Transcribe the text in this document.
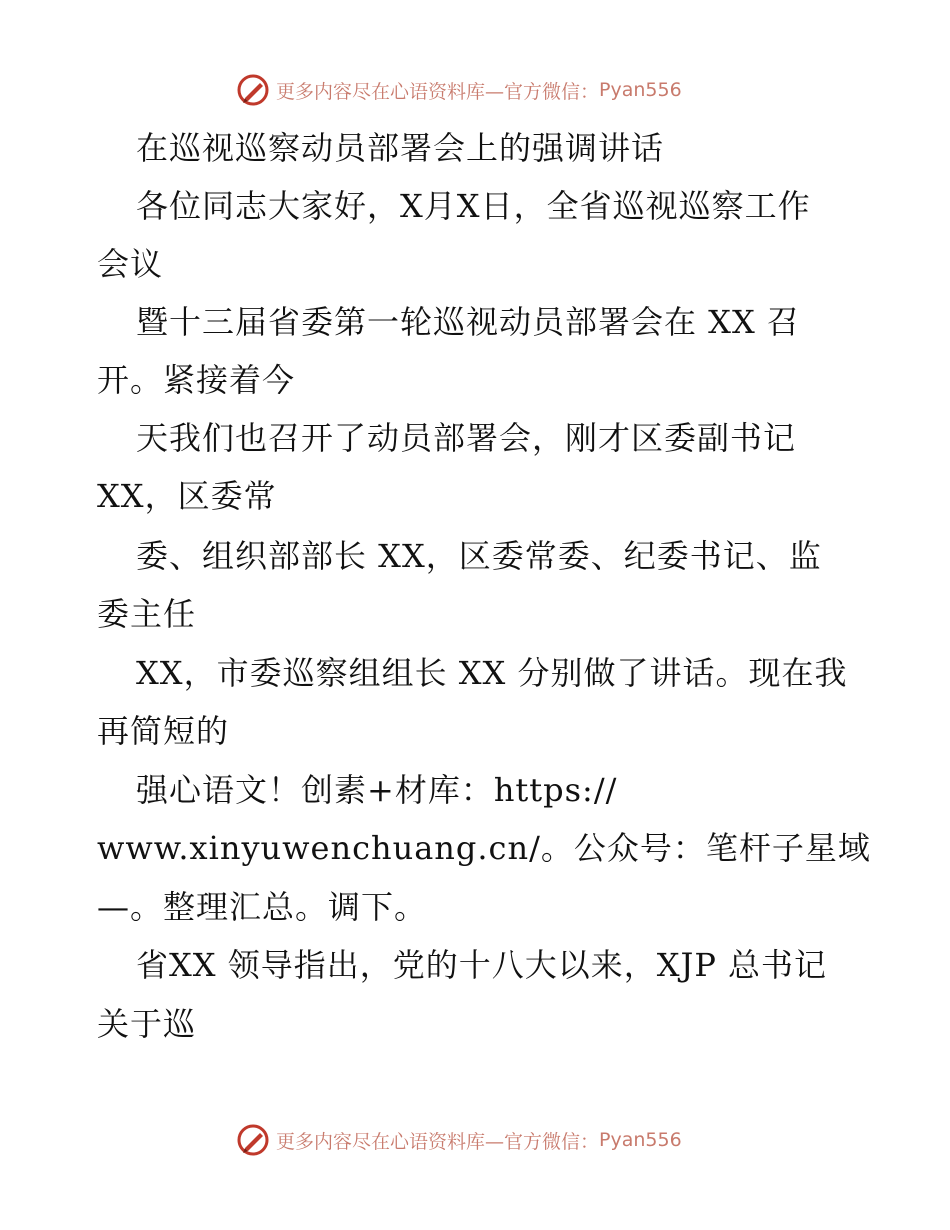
更多内容尽在心语资料库—官方微信： Pyan556
在巡视巡察动员部署会上的强调讲话
各位同志大家好，X月X日，全省巡视巡察工作
会议
暨十三届省委第一轮巡视动员部署会在 XX 召
开。紧接着今
天我们也召开了动员部署会，刚才区委副书记
XX，区委常
委、组织部部长 XX，区委常委、纪委书记、监
委主任
XX，市委巡察组组长 XX 分别做了讲话。现在我
再简短的
强心语文！创素+材库：https://
www.xinyuwenchuang.cn/。公众号：笔杆子星域
—。整理汇总。调下。
省XX 领导指出，党的十八大以来，XJP 总书记
关于巡
更多内容尽在心语资料库—官方微信： Pyan556
